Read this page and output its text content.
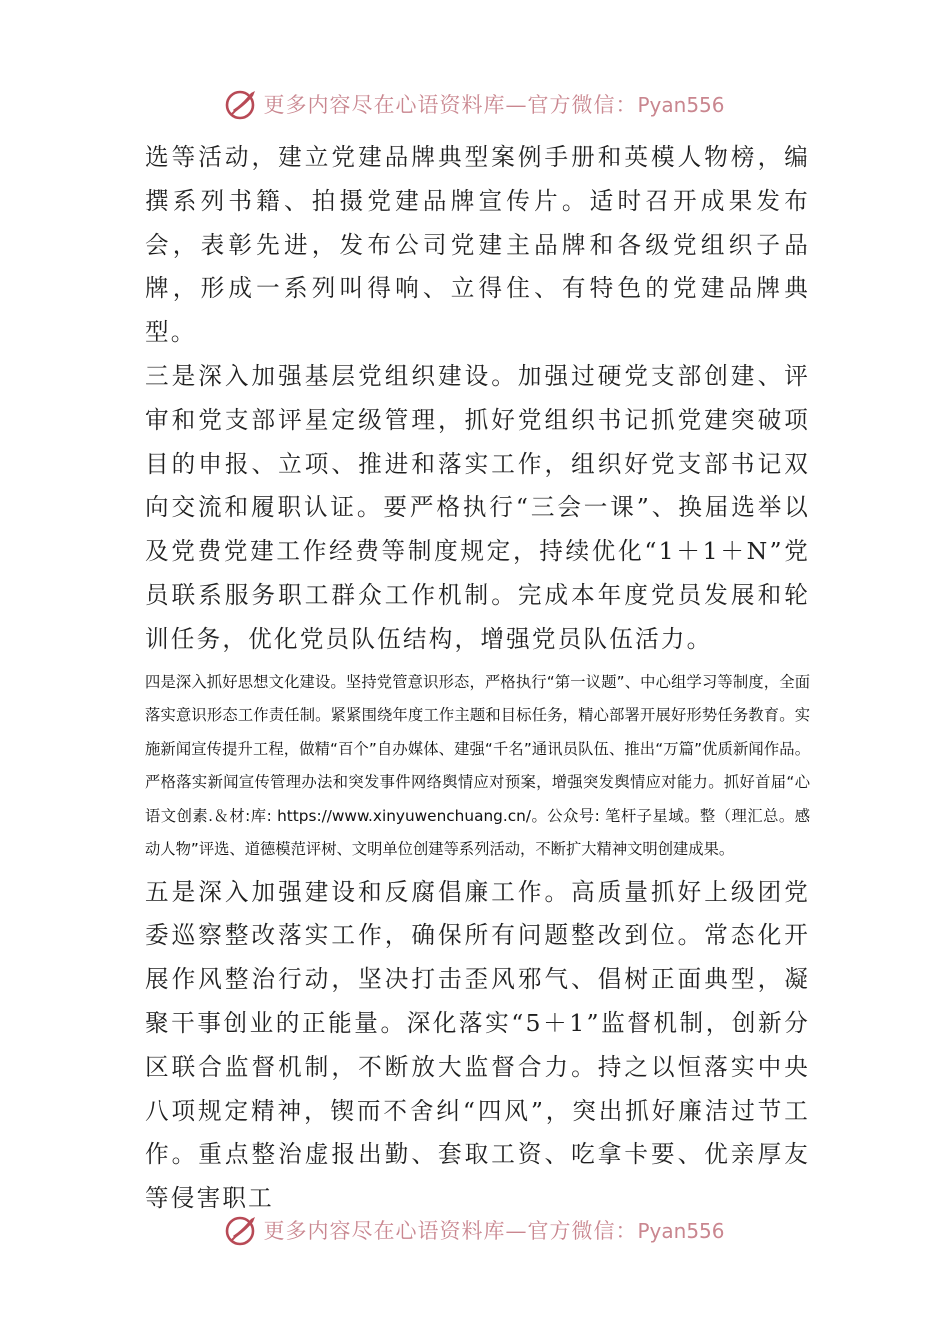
更多内容尽在心语资料库—官方微信：Pyan556

选等活动，建立党建品牌典型案例手册和英模人物榜，编撰系列书籍、拍摄党建品牌宣传片。适时召开成果发布会，表彰先进，发布公司党建主品牌和各级党组织子品牌，形成一系列叫得响、立得住、有特色的党建品牌典型。

三是深入加强基层党组织建设。加强过硬党支部创建、评审和党支部评星定级管理，抓好党组织书记抓党建突破项目的申报、立项、推进和落实工作，组织好党支部书记双向交流和履职认证。要严格执行“三会一课”、换届选举以及党费党建工作经费等制度规定，持续优化“1＋1＋N”党员联系服务职工群众工作机制。完成本年度党员发展和轮训任务，优化党员队伍结构，增强党员队伍活力。

四是深入抓好思想文化建设。坚持党管意识形态，严格执行“第一议题”、中心组学习等制度，全面落实意识形态工作责任制。紧紧围绕年度工作主题和目标任务，精心部署开展好形势任务教育。实施新闻宣传提升工程，做精“百个”自办媒体、建强“千名”通讯员队伍、推出“万篇”优质新闻作品。严格落实新闻宣传管理办法和突发事件网络舆情应对预案，增强突发舆情应对能力。抓好首届“心语文创素.＆材:库: https://www.xinyuwenchuang.cn/。公众号: 笔杆子星域。整（理汇总。感动人物”评选、道德模范评树、文明单位创建等系列活动，不断扩大精神文明创建成果。

五是深入加强建设和反腐倡廉工作。高质量抓好上级团党委巡察整改落实工作，确保所有问题整改到位。常态化开展作风整治行动，坚决打击歪风邪气、倡树正面典型，凝聚干事创业的正能量。深化落实“5＋1”监督机制，创新分区联合监督机制，不断放大监督合力。持之以恒落实中央八项规定精神，锲而不舍纠“四风”，突出抓好廉洁过节工作。重点整治虚报出勤、套取工资、吃拿卡要、优亲厚友等侵害职工

更多内容尽在心语资料库—官方微信：Pyan556
